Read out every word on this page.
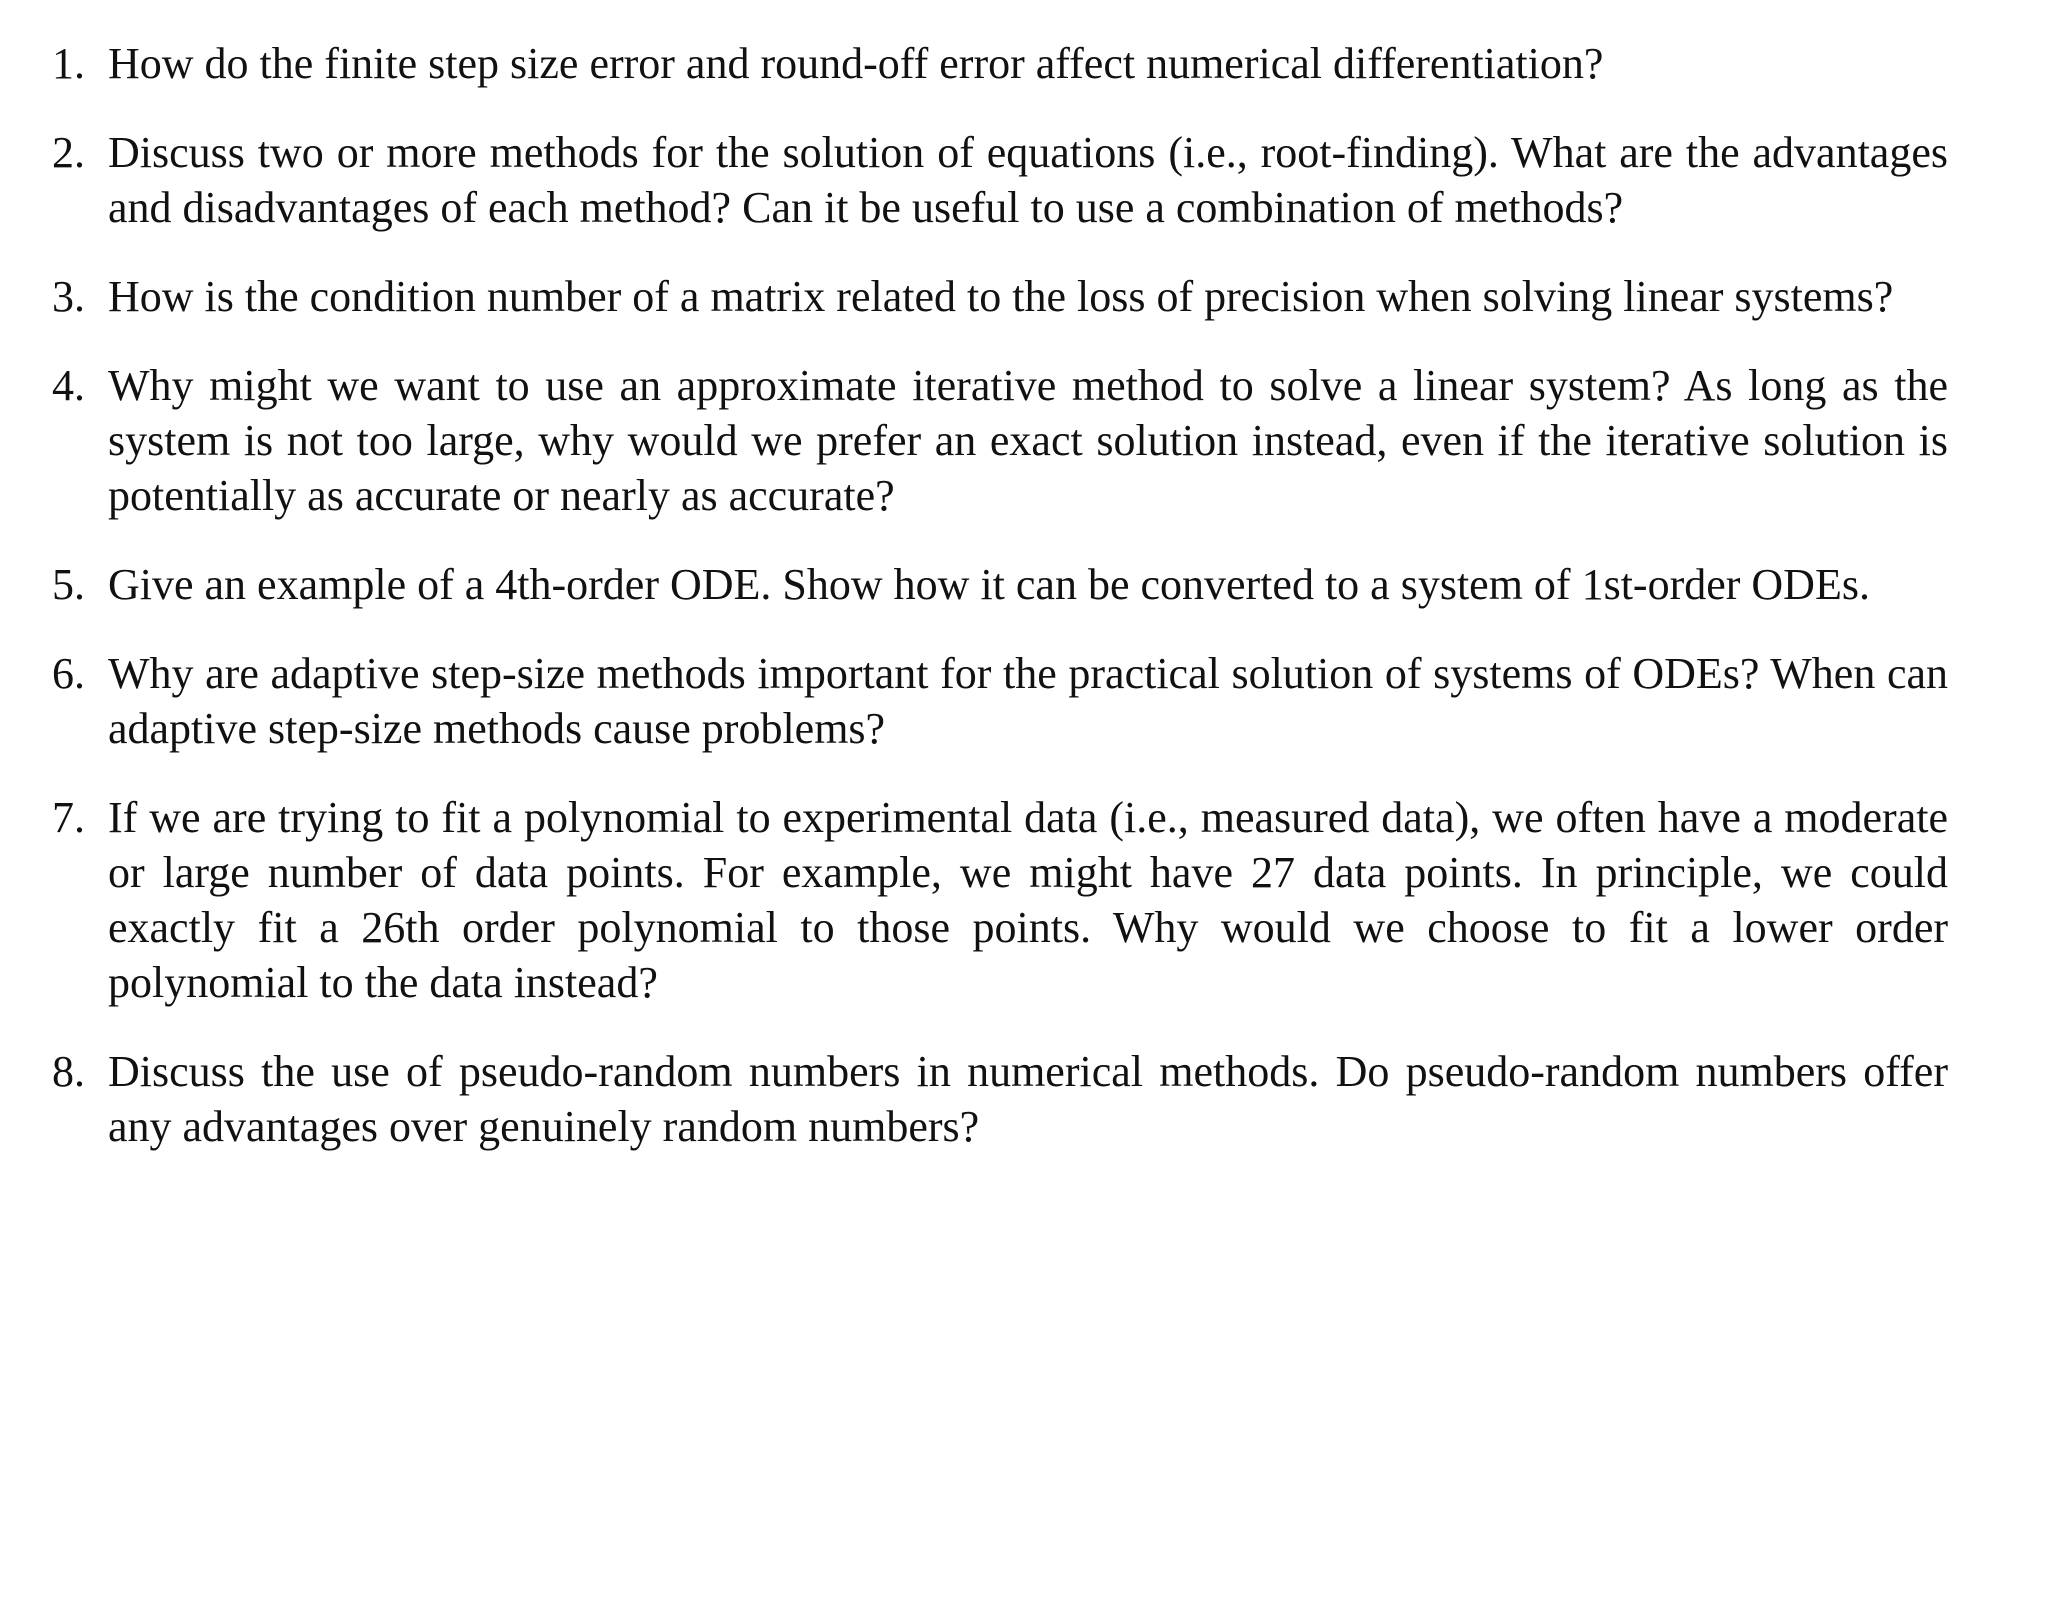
1. How do the finite step size error and round-off error affect numerical differentiation?
2. Discuss two or more methods for the solution of equations (i.e., root-finding). What are the advantages and disadvantages of each method? Can it be useful to use a combination of methods?
3. How is the condition number of a matrix related to the loss of precision when solving linear systems?
4. Why might we want to use an approximate iterative method to solve a linear system? As long as the system is not too large, why would we prefer an exact solution instead, even if the iterative solution is potentially as accurate or nearly as accurate?
5. Give an example of a 4th-order ODE. Show how it can be converted to a system of 1st-order ODEs.
6. Why are adaptive step-size methods important for the practical solution of systems of ODEs? When can adaptive step-size methods cause problems?
7. If we are trying to fit a polynomial to experimental data (i.e., measured data), we often have a moderate or large number of data points. For example, we might have 27 data points. In principle, we could exactly fit a 26th order polynomial to those points. Why would we choose to fit a lower order polynomial to the data instead?
8. Discuss the use of pseudo-random numbers in numerical methods. Do pseudo-random numbers offer any advantages over genuinely random numbers?
